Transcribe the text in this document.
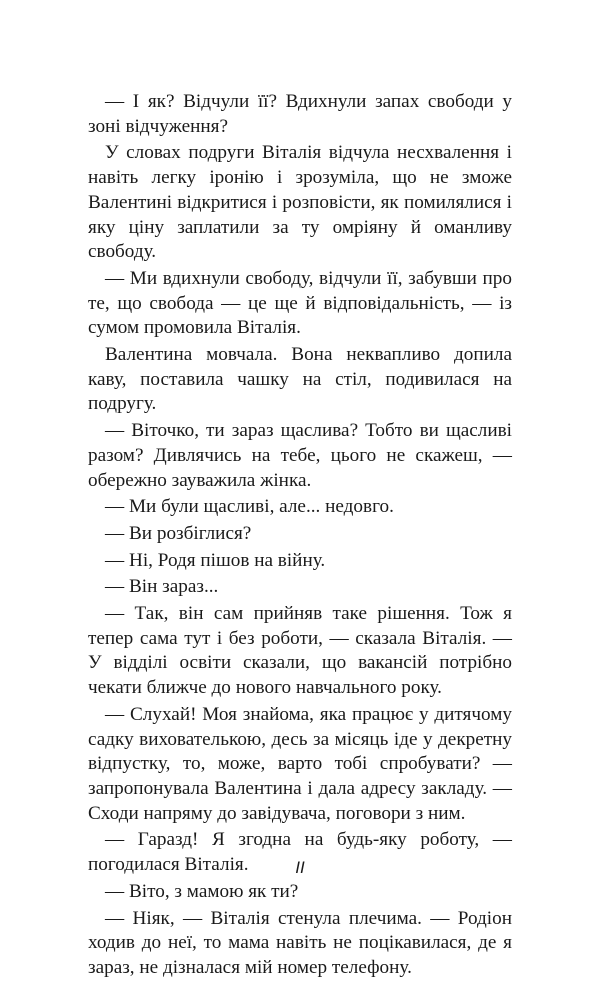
— І як? Відчули її? Вдихнули запах свободи у зоні відчуження?

У словах подруги Віталія відчула несхвалення і навіть легку іронію і зрозуміла, що не зможе Валентині відкритися і розповісти, як помилялися і яку ціну заплатили за ту омріяну й оманливу свободу.

— Ми вдихнули свободу, відчули її, забувши про те, що свобода — це ще й відповідальність, — із сумом промовила Віталія.

Валентина мовчала. Вона неквапливо допила каву, поставила чашку на стіл, подивилася на подругу.

— Віточко, ти зараз щаслива? Тобто ви щасливі разом? Дивлячись на тебе, цього не скажеш, — обережно зауважила жінка.

— Ми були щасливі, але... недовго.

— Ви розбіглися?

— Ні, Родя пішов на війну.

— Він зараз...

— Так, він сам прийняв таке рішення. Тож я тепер сама тут і без роботи, — сказала Віталія. — У відділі освіти сказали, що вакансій потрібно чекати ближче до нового навчального року.

— Слухай! Моя знайома, яка працює у дитячому садку вихователькою, десь за місяць іде у декретну відпустку, то, може, варто тобі спробувати? — запропонувала Валентина і дала адресу закладу. — Сходи напряму до завідувача, поговори з ним.

— Гаразд! Я згодна на будь-яку роботу, — погодилася Віталія.

— Віто, з мамою як ти?

— Ніяк, — Віталія стенула плечима. — Родіон ходив до неї, то мама навіть не поцікавилася, де я зараз, не дізналася мій номер телефону.

II
